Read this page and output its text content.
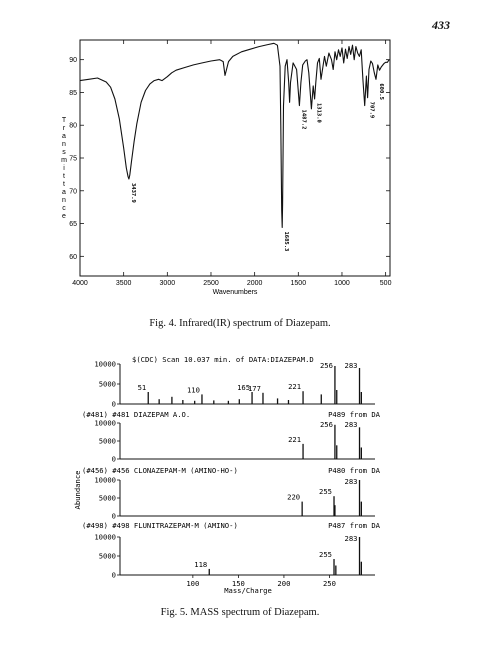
433
60
65
70
75
80
85
90
4000	3500	3000	2500	2000	1500	1000	500
3437.9
1685.3
1487.2 1313.0	707.9
600.5
T
r
a
n
s
m
i
t
t
a
n
c
e
Wavenumbers
Fig. 4. Infrared(IR) spectrum of Diazepam.
$(CDC) Scan 10.037 min. of DATA:DIAZEPAM.D
10000
5000
0
51	110	165
177	221
256 283
(#481) #481 DIAZEPAM A.O.	P489 from DA
10000
5000
0
221
256 283
(#456) #456 CLONAZEPAM-M (AMINO-HO-)	P480 from DA
10000
5000
0
220
255
283
(#498) #498 FLUNITRAZEPAM-M (AMINO-)	P487 from DA
10000
5000
0
118
255
283
100	150	200	250
Mass/Charge
Abundance
Fig. 5. MASS spectrum of Diazepam.
